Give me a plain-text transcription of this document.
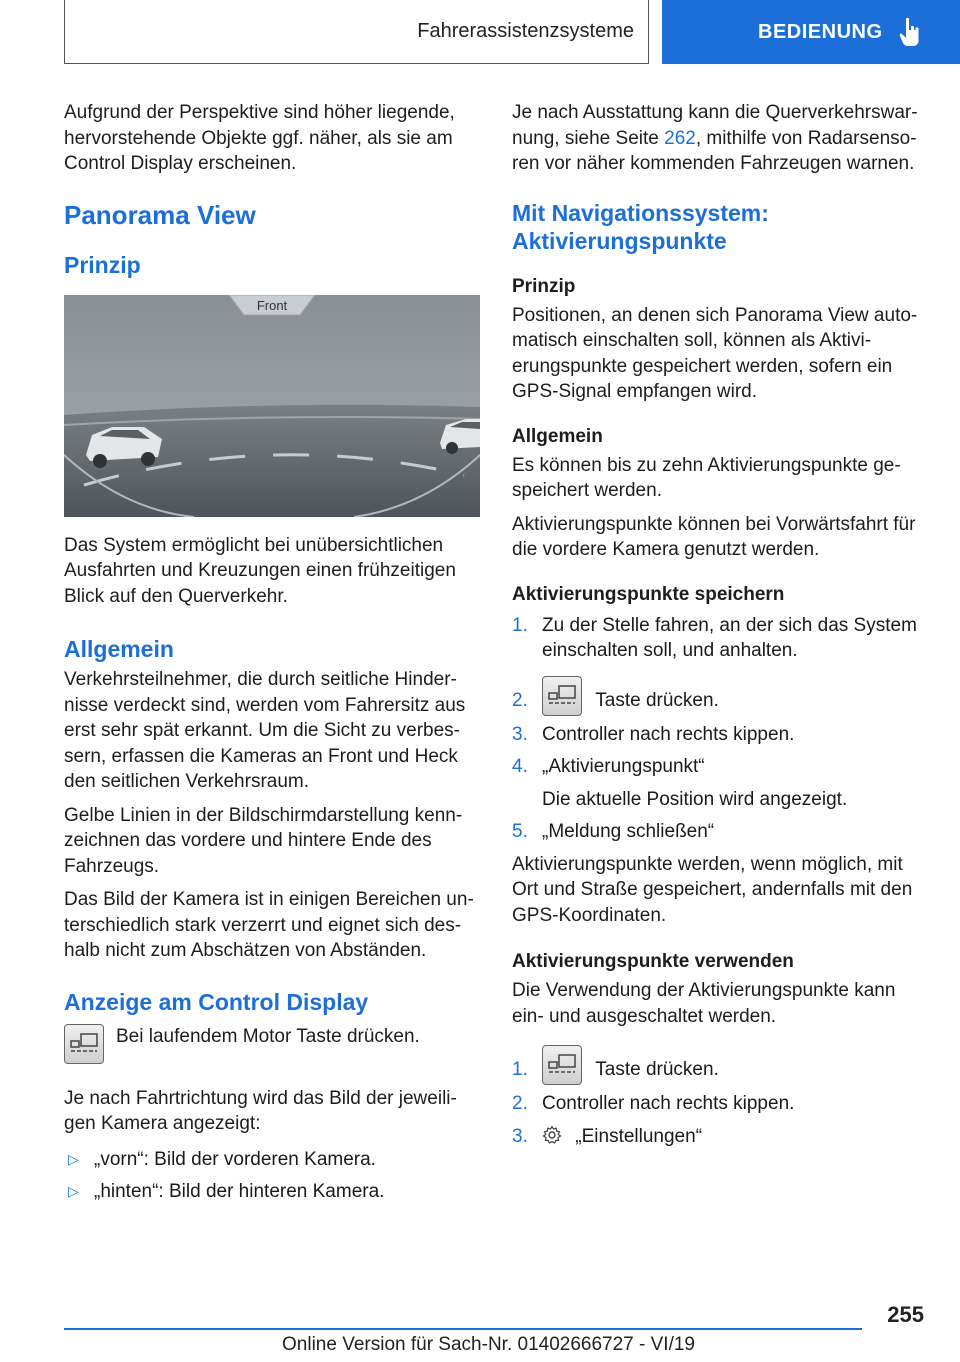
Fahrerassistenzsysteme	BEDIENUNG

Aufgrund der Perspektive sind höher liegende, hervorstehende Objekte ggf. näher, als sie am Control Display erscheinen.

Panorama View
Prinzip
Front

Das System ermöglicht bei unübersichtlichen Ausfahrten und Kreuzungen einen frühzeitigen Blick auf den Querverkehr.

Allgemein

Verkehrsteilnehmer, die durch seitliche Hindernisse verdeckt sind, werden vom Fahrersitz aus erst sehr spät erkannt. Um die Sicht zu verbessern, erfassen die Kameras an Front und Heck den seitlichen Verkehrsraum.

Gelbe Linien in der Bildschirmdarstellung kennzeichnen das vordere und hintere Ende des Fahrzeugs.

Das Bild der Kamera ist in einigen Bereichen unterschiedlich stark verzerrt und eignet sich deshalb nicht zum Abschätzen von Abständen.

Anzeige am Control Display

Bei laufendem Motor Taste drücken.

Je nach Fahrtrichtung wird das Bild der jeweiligen Kamera angezeigt:

▷ „vorn“: Bild der vorderen Kamera.
▷ „hinten“: Bild der hinteren Kamera.

Je nach Ausstattung kann die Querverkehrswarnung, siehe Seite 262, mithilfe von Radarsensoren vor näher kommenden Fahrzeugen warnen.

Mit Navigationssystem: Aktivierungspunkte
Prinzip

Positionen, an denen sich Panorama View automatisch einschalten soll, können als Aktivierungspunkte gespeichert werden, sofern ein GPS-Signal empfangen wird.

Allgemein

Es können bis zu zehn Aktivierungspunkte gespeichert werden.

Aktivierungspunkte können bei Vorwärtsfahrt für die vordere Kamera genutzt werden.

Aktivierungspunkte speichern
1. Zu der Stelle fahren, an der sich das System einschalten soll, und anhalten.
2.	Taste drücken.
3. Controller nach rechts kippen.
4. „Aktivierungspunkt“
Die aktuelle Position wird angezeigt.
5. „Meldung schließen“

Aktivierungspunkte werden, wenn möglich, mit Ort und Straße gespeichert, andernfalls mit den GPS-Koordinaten.

Aktivierungspunkte verwenden

Die Verwendung der Aktivierungspunkte kann ein- und ausgeschaltet werden.

1.	Taste drücken.
2. Controller nach rechts kippen.
3. „Einstellungen“
255
Online Version für Sach-Nr. 01402666727 - VI/19
